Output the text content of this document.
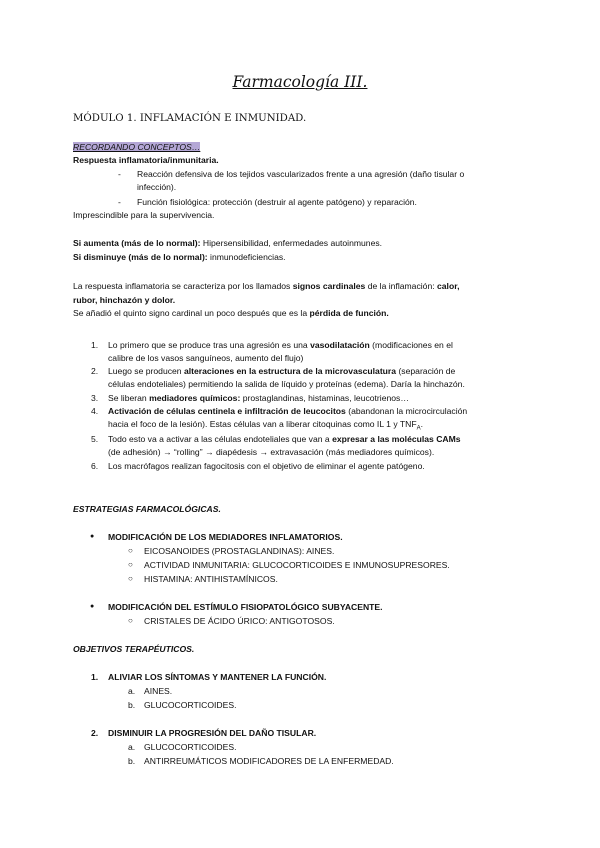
Farmacología III.
MÓDULO 1. INFLAMACIÓN E INMUNIDAD.
RECORDANDO CONCEPTOS…
Respuesta inflamatoria/inmunitaria.
- Reacción defensiva de los tejidos vascularizados frente a una agresión (daño tisular o
infección).
- Función fisiológica: protección (destruir al agente patógeno) y reparación.
Imprescindible para la supervivencia.
Si aumenta (más de lo normal): Hipersensibilidad, enfermedades autoinmunes.
Si disminuye (más de lo normal): inmunodeficiencias.
La respuesta inflamatoria se caracteriza por los llamados signos cardinales de la inflamación: calor,
rubor, hinchazón y dolor.
Se añadió el quinto signo cardinal un poco después que es la pérdida de función.
1. Lo primero que se produce tras una agresión es una vasodilatación (modificaciones en el
calibre de los vasos sanguíneos, aumento del flujo)
2. Luego se producen alteraciones en la estructura de la microvasculatura (separación de
células endoteliales) permitiendo la salida de líquido y proteínas (edema). Daría la hinchazón.
3. Se liberan mediadores químicos: prostaglandinas, histaminas, leucotrienos…
4. Activación de células centinela e infiltración de leucocitos (abandonan la microcirculación
hacia el foco de la lesión). Estas células van a liberar citoquinas como IL 1 y $TNF_A$.
5. Todo esto va a activar a las células endoteliales que van a expresar a las moléculas CAMs
(de adhesión) → “rolling” → diapédesis → extravasación (más mediadores químicos).
6. Los macrófagos realizan fagocitosis con el objetivo de eliminar el agente patógeno.
ESTRATEGIAS FARMACOLÓGICAS.
● MODIFICACIÓN DE LOS MEDIADORES INFLAMATORIOS.
○ EICOSANOIDES (PROSTAGLANDINAS): AINES.
○ ACTIVIDAD INMUNITARIA: GLUCOCORTICOIDES E INMUNOSUPRESORES.
○ HISTAMINA: ANTIHISTAMÍNICOS.
● MODIFICACIÓN DEL ESTÍMULO FISIOPATOLÓGICO SUBYACENTE.
○ CRISTALES DE ÁCIDO ÚRICO: ANTIGOTOSOS.
OBJETIVOS TERAPÉUTICOS.
1. ALIVIAR LOS SÍNTOMAS Y MANTENER LA FUNCIÓN.
a. AINES.
b. GLUCOCORTICOIDES.
2. DISMINUIR LA PROGRESIÓN DEL DAÑO TISULAR.
a. GLUCOCORTICOIDES.
b. ANTIRREUMÁTICOS MODIFICADORES DE LA ENFERMEDAD.
